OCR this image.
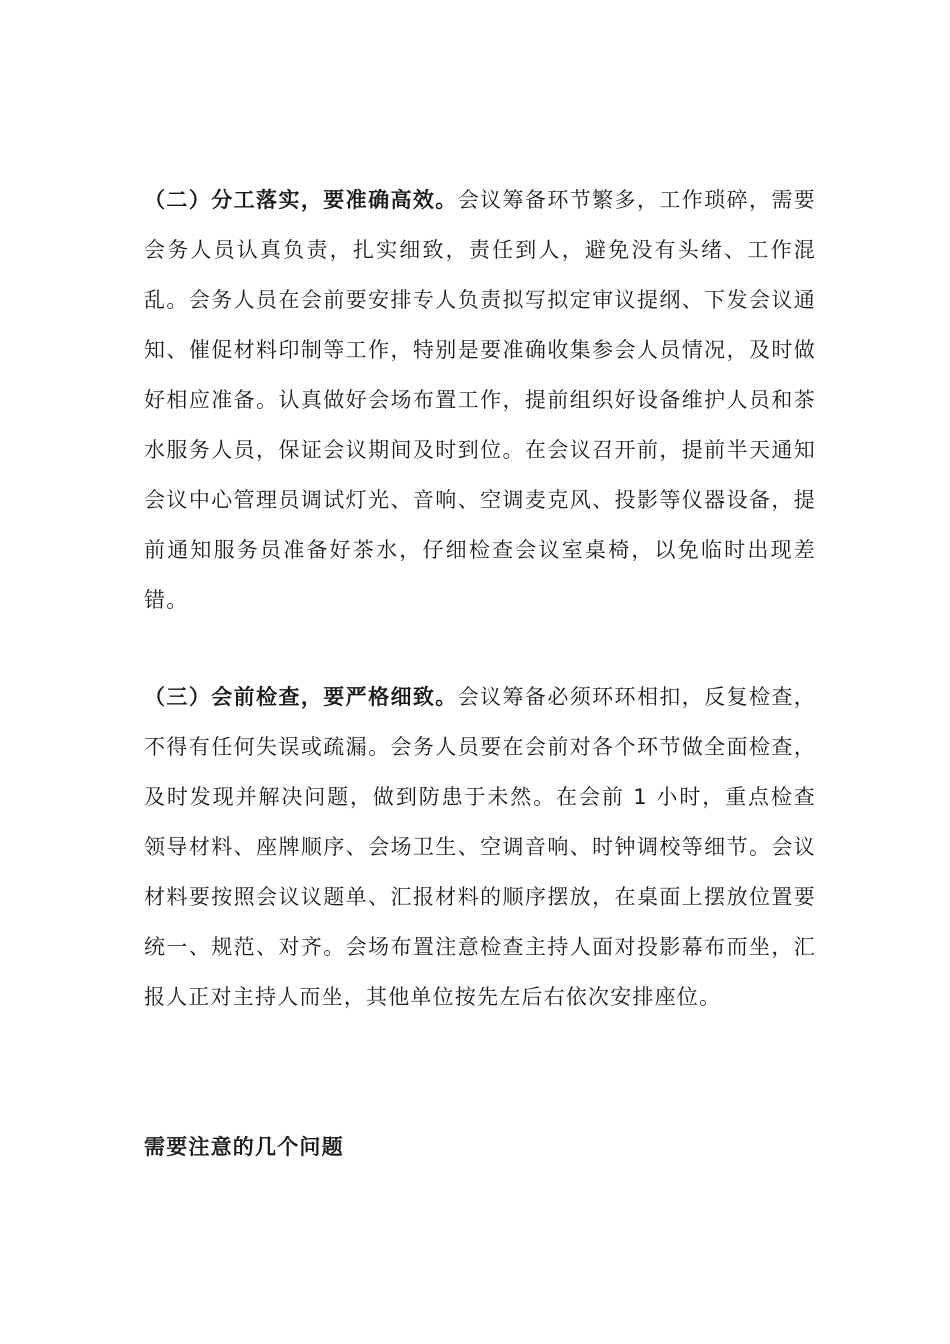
（二）分工落实，要准确高效。会议筹备环节繁多，工作琐碎，需要会务人员认真负责，扎实细致，责任到人，避免没有头绪、工作混乱。会务人员在会前要安排专人负责拟写拟定审议提纲、下发会议通知、催促材料印制等工作，特别是要准确收集参会人员情况，及时做好相应准备。认真做好会场布置工作，提前组织好设备维护人员和茶水服务人员，保证会议期间及时到位。在会议召开前，提前半天通知会议中心管理员调试灯光、音响、空调麦克风、投影等仪器设备，提前通知服务员准备好茶水，仔细检查会议室桌椅，以免临时出现差错。

（三）会前检查，要严格细致。会议筹备必须环环相扣，反复检查，不得有任何失误或疏漏。会务人员要在会前对各个环节做全面检查，及时发现并解决问题，做到防患于未然。在会前 1 小时，重点检查领导材料、座牌顺序、会场卫生、空调音响、时钟调校等细节。会议材料要按照会议议题单、汇报材料的顺序摆放，在桌面上摆放位置要统一、规范、对齐。会场布置注意检查主持人面对投影幕布而坐，汇报人正对主持人而坐，其他单位按先左后右依次安排座位。

需要注意的几个问题
